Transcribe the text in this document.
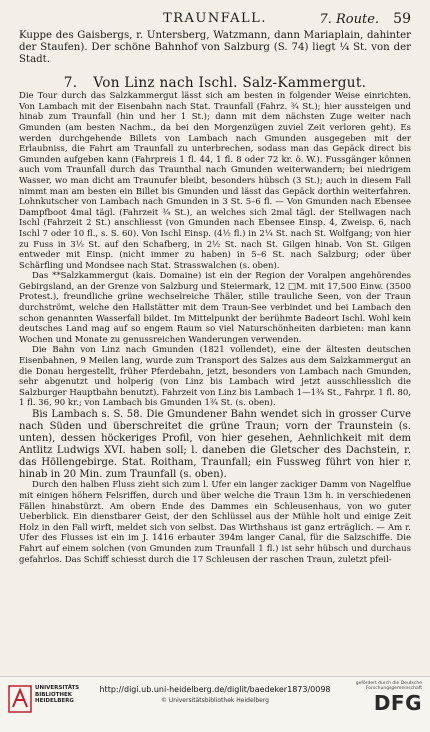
TRAUNFALL.	7. Route. 59

Kuppe des Gaisbergs, r. Untersberg, Watzmann, dann Mariaplain, dahinter der Staufen). Der schöne Bahnhof von Salzburg (S. 74) liegt ¼ St. von der Stadt.

7. Von Linz nach Ischl. Salz-Kammergut.

Die Tour durch das Salzkammergut lässt sich am besten in folgender Weise einrichten. Von Lambach mit der Eisenbahn nach Stat. Traunfall (Fahrz. ¾ St.); hier aussteigen und hinab zum Traunfall (hin und her 1 St.); dann mit dem nächsten Zuge weiter nach Gmunden (am besten Nachm., da bei den Morgenzügen zuviel Zeit verloren geht). Es werden durchgehende Billets von Lambach nach Gmunden ausgegeben mit der Erlaubniss, die Fahrt am Traunfall zu unterbrechen, sodass man das Gepäck direct bis Gmunden aufgeben kann (Fahrpreis 1 fl. 44, 1 fl. 8 oder 72 kr. ö. W.). Fussgänger können auch vom Traunfall durch das Traunthal nach Gmunden weiterwandern; bei niedrigem Wasser, wo man dicht am Traunufer bleibt, besonders hübsch (3 St.); auch in diesem Fall nimmt man am besten ein Billet bis Gmunden und lässt das Gepäck dorthin weiterfahren. Lohnkutscher von Lambach nach Gmunden in 3 St. 5–6 fl. — Von Gmunden nach Ebensee Dampfboot 4mal tägl. (Fahrzeit ¾ St.), an welches sich 2mal tägl. der Stellwagen nach Ischl (Fahrzeit 2 St.) anschliesst (von Gmunden nach Ebensee Einsp. 4, Zweisp. 6, nach Ischl 7 oder 10 fl., s. S. 60). Von Ischl Einsp. (4½ fl.) in 2¼ St. nach St. Wolfgang; von hier zu Fuss in 3½ St. auf den Schafberg, in 2½ St. nach St. Gilgen hinab. Von St. Gilgen entweder mit Einsp. (nicht immer zu haben) in 5–6 St. nach Salzburg; oder über Schärfling und Mondsee nach Stat. Strasswalchen (s. oben).

Das **Salzkammergut (kais. Domaine) ist ein der Region der Voralpen angehörendes Gebirgsland, an der Grenze von Salzburg und Steiermark, 12 □M. mit 17,500 Einw. (3500 Protest.), freundliche grüne wechselreiche Thäler, stille trauliche Seen, von der Traun durchströmt, welche den Hallstätter mit dem Traun-See verbindet und bei Lambach den schon genannten Wasserfall bildet. Im Mittelpunkt der berühmte Badeort Ischl. Wohl kein deutsches Land mag auf so engem Raum so viel Naturschönheiten darbieten: man kann Wochen und Monate zu genussreichen Wanderungen verwenden.

Die Bahn von Linz nach Gmunden (1821 vollendet), eine der ältesten deutschen Eisenbahnen, 9 Meilen lang, wurde zum Transport des Salzes aus dem Salzkammergut an die Donau hergestellt, früher Pferdebahn, jetzt, besonders von Lambach nach Gmunden, sehr abgenutzt und holperig (von Linz bis Lambach wird jetzt ausschliesslich die Salzburger Hauptbahn benutzt). Fahrzeit von Linz bis Lambach 1—1¾ St., Fahrpr. 1 fl. 80, 1 fl. 36, 90 kr.; von Lambach bis Gmunden 1¾ St. (s. oben).

Bis Lambach s. S. 58. Die Gmundener Bahn wendet sich in grosser Curve nach Süden und überschreitet die grüne Traun; vorn der Traunstein (s. unten), dessen höckeriges Profil, von hier gesehen, Aehnlichkeit mit dem Antlitz Ludwigs XVI. haben soll; l. daneben die Gletscher des Dachstein, r. das Höllengebirge. Stat. Roitham, Traunfall; ein Fussweg führt von hier r. hinab in 20 Min. zum Traunfall (s. oben).

Durch den halben Fluss zieht sich zum l. Ufer ein langer zackiger Damm von Nagelflue mit einigen höhern Felsriffen, durch und über welche die Traun 13m h. in verschiedenen Fällen hinabstürzt. Am obern Ende des Dammes ein Schleusenhaus, von wo guter Ueberblick. Ein dienstbarer Geist, der den Schlüssel aus der Mühle holt und einige Zeit Holz in den Fall wirft, meldet sich von selbst. Das Wirthshaus ist ganz erträglich. — Am r. Ufer des Flusses ist ein im J. 1416 erbauter 394m langer Canal, für die Salzschiffe. Die Fahrt auf einem solchen (von Gmunden zum Traunfall 1 fl.) ist sehr hübsch und durchaus gefahrlos. Das Schiff schiesst durch die 17 Schleusen der raschen Traun, zuletzt pfeil-

UNIVERSITÄTS BIBLIOTHEK HEIDELBERG
http://digi.ub.uni-heidelberg.de/diglit/baedeker1873/0098
© Universitätsbibliothek Heidelberg
gefördert durch die Deutsche Forschungsgemeinschaft
DFG
